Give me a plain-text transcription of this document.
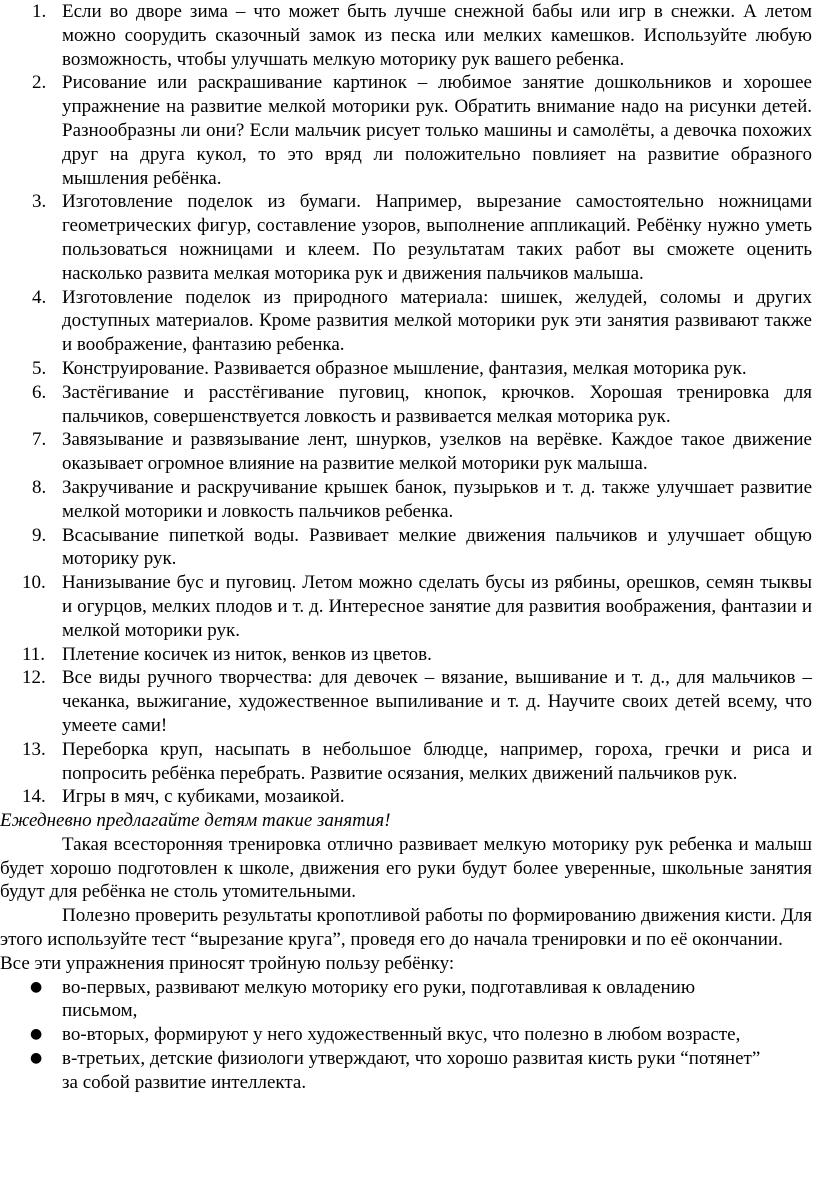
1. Если во дворе зима – что может быть лучше снежной бабы или игр в снежки. А летом можно соорудить сказочный замок из песка или мелких камешков. Используйте любую возможность, чтобы улучшать мелкую моторику рук вашего ребенка.
2. Рисование или раскрашивание картинок – любимое занятие дошкольников и хорошее упражнение на развитие мелкой моторики рук. Обратить внимание надо на рисунки детей. Разнообразны ли они? Если мальчик рисует только машины и самолёты, а девочка похожих друг на друга кукол, то это вряд ли положительно повлияет на развитие образного мышления ребёнка.
3. Изготовление поделок из бумаги. Например, вырезание самостоятельно ножницами геометрических фигур, составление узоров, выполнение аппликаций. Ребёнку нужно уметь пользоваться ножницами и клеем. По результатам таких работ вы сможете оценить насколько развита мелкая моторика рук и движения пальчиков малыша.
4. Изготовление поделок из природного материала: шишек, желудей, соломы и других доступных материалов. Кроме развития мелкой моторики рук эти занятия развивают также и воображение, фантазию ребенка.
5. Конструирование. Развивается образное мышление, фантазия, мелкая моторика рук.
6. Застёгивание и расстёгивание пуговиц, кнопок, крючков. Хорошая тренировка для пальчиков, совершенствуется ловкость и развивается мелкая моторика рук.
7. Завязывание и развязывание лент, шнурков, узелков на верёвке. Каждое такое движение оказывает огромное влияние на развитие мелкой моторики рук малыша.
8. Закручивание и раскручивание крышек банок, пузырьков и т. д. также улучшает развитие мелкой моторики и ловкость пальчиков ребенка.
9. Всасывание пипеткой воды. Развивает мелкие движения пальчиков и улучшает общую моторику рук.
10. Нанизывание бус и пуговиц. Летом можно сделать бусы из рябины, орешков, семян тыквы и огурцов, мелких плодов и т. д. Интересное занятие для развития воображения, фантазии и мелкой моторики рук.
11. Плетение косичек из ниток, венков из цветов.
12. Все виды ручного творчества: для девочек – вязание, вышивание и т. д., для мальчиков – чеканка, выжигание, художественное выпиливание и т. д. Научите своих детей всему, что умеете сами!
13. Переборка круп, насыпать в небольшое блюдце, например, гороха, гречки и риса и попросить ребёнка перебрать. Развитие осязания, мелких движений пальчиков рук.
14. Игры в мяч, с кубиками, мозаикой.

Ежедневно предлагайте детям такие занятия!

Такая всесторонняя тренировка отлично развивает мелкую моторику рук ребенка и малыш будет хорошо подготовлен к школе, движения его руки будут более уверенные, школьные занятия будут для ребёнка не столь утомительными.

Полезно проверить результаты кропотливой работы по формированию движения кисти. Для этого используйте тест “вырезание круга”, проведя его до начала тренировки и по её окончании.

Все эти упражнения приносят тройную пользу ребёнку:

●	во-первых, развивают мелкую моторику его руки, подготавливая к овладению письмом,
●	во-вторых, формируют у него художественный вкус, что полезно в любом возрасте,
●	в-третьих, детские физиологи утверждают, что хорошо развитая кисть руки “потянет” за собой развитие интеллекта.
